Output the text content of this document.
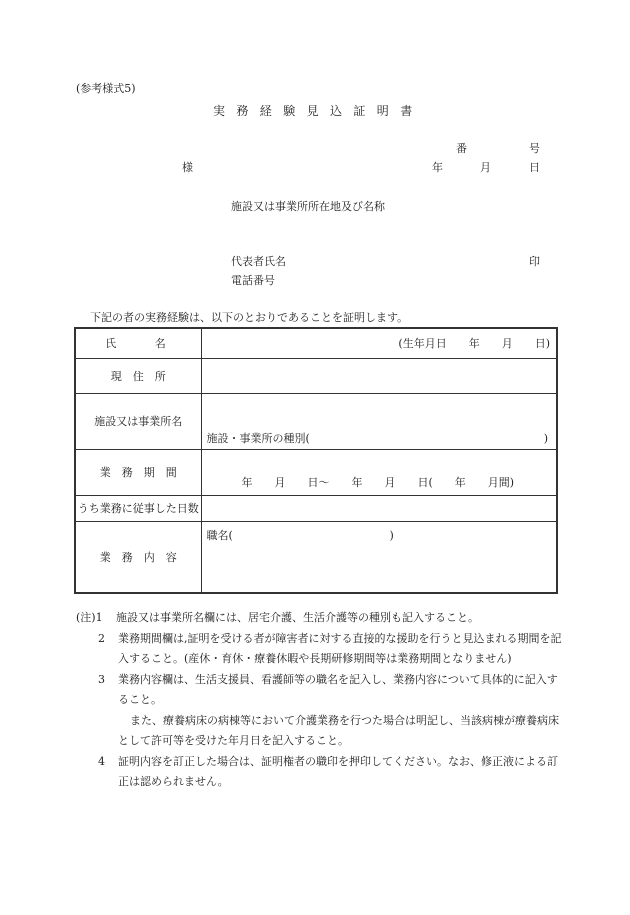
(参考様式5)
実務経験見込証明書
番	号
様	年	月	日
施設又は事業所所在地及び名称
代表者氏名	印
電話番号
下記の者の実務経験は、以下のとおりであることを証明します。
氏　　名	(生年月日　　年　　月　　日)

現　住　所	
施設又は事業所名	施設・事業所の種別( )

業　務　期　間	年　　月　　日～　　年　　月　　日(　　年　　月間)

うち業務に従事した日数	
業　務　内　容	職名( )
(注)1 施設又は事業所名欄には、居宅介護、生活介護等の種別も記入すること。
2	業務期間欄は,証明を受ける者が障害者に対する直接的な援助を行うと見込まれる期間を記入すること。(産休・育休・療養休暇や長期研修期間等は業務期間となりません)
3	業務内容欄は、生活支援員、看護師等の職名を記入し、業務内容について具体的に記入すること。
また、療養病床の病棟等において介護業務を行つた場合は明記し、当該病棟が療養病床として許可等を受けた年月日を記入すること。
4	証明内容を訂正した場合は、証明権者の職印を押印してください。なお、修正液による訂正は認められません。
